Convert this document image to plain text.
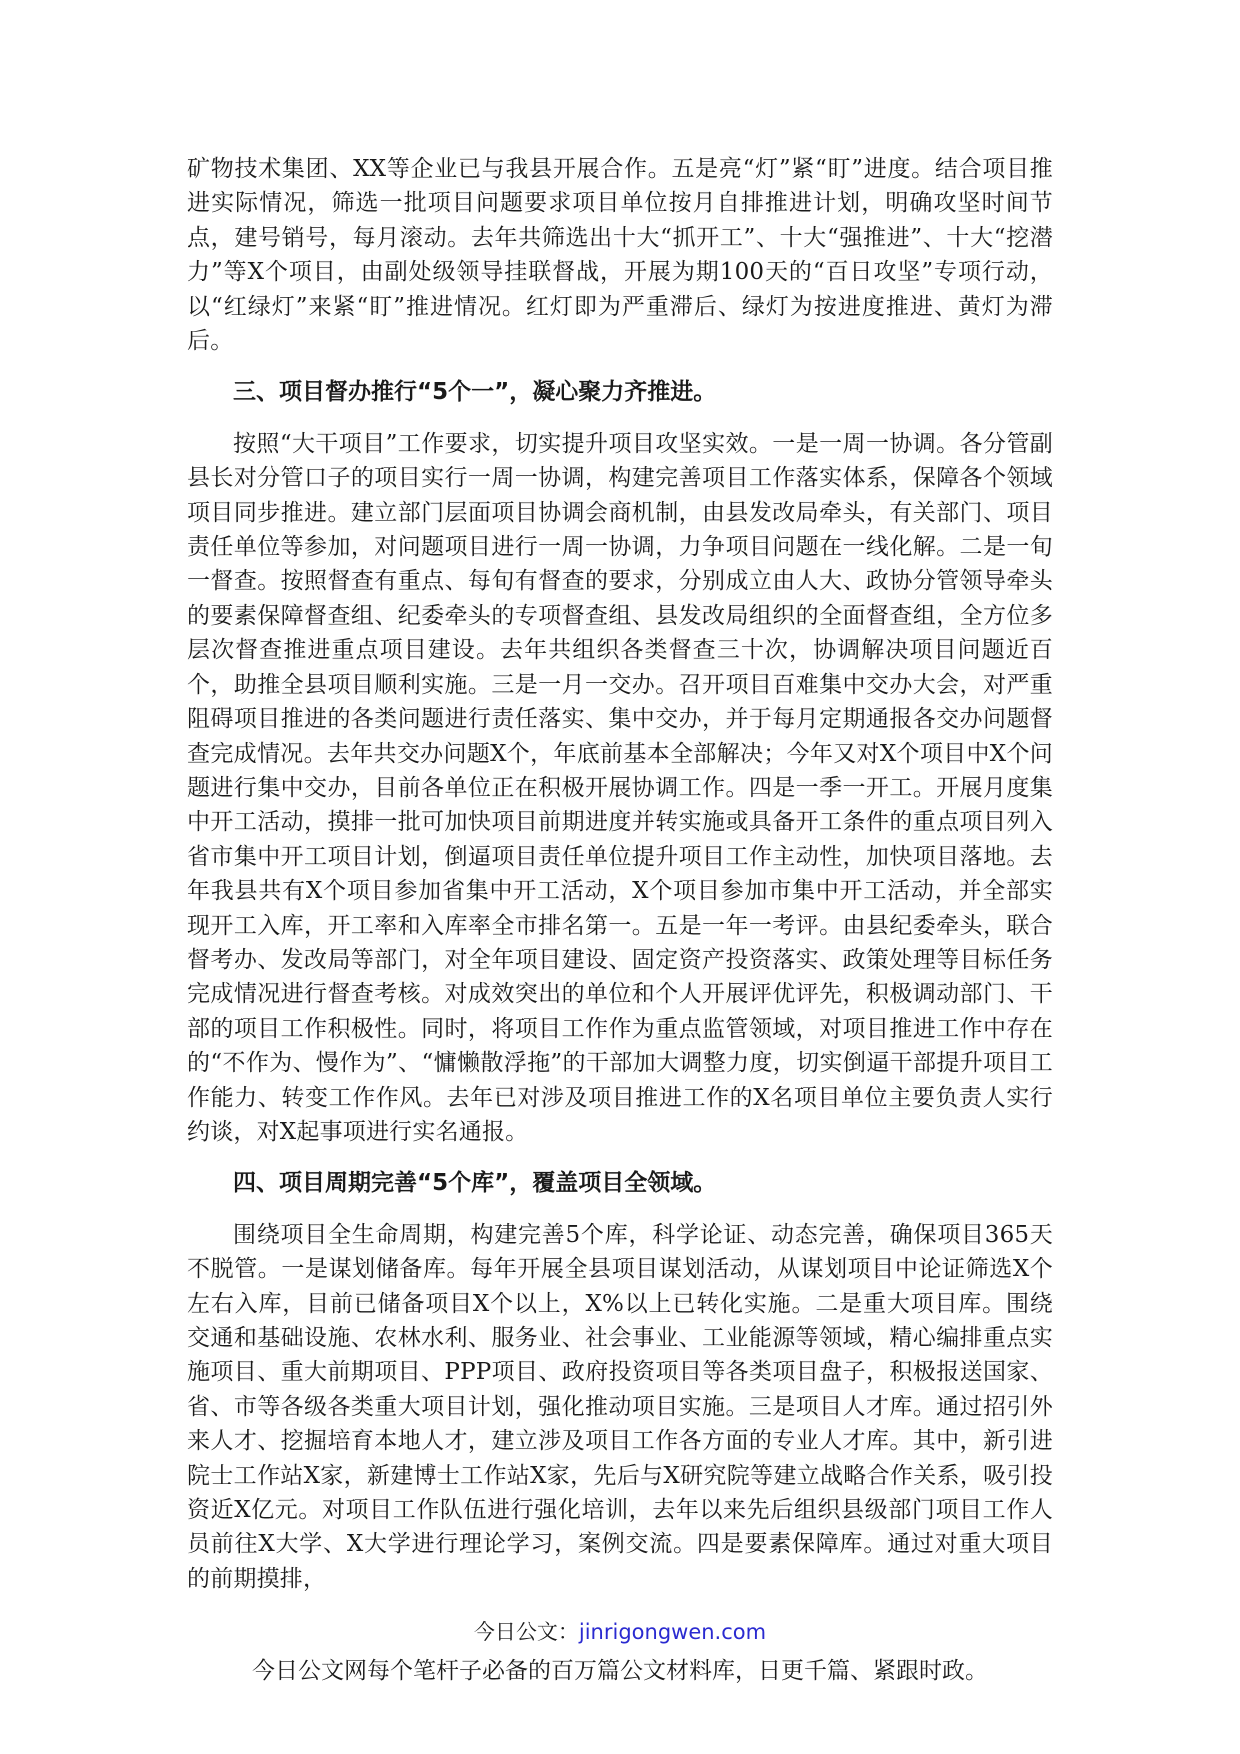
矿物技术集团、XX等企业已与我县开展合作。五是亮“灯”紧“盯”进度。结合项目推进实际情况，筛选一批项目问题要求项目单位按月自排推进计划，明确攻坚时间节点，建号销号，每月滚动。去年共筛选出十大“抓开工”、十大“强推进”、十大“挖潜力”等X个项目，由副处级领导挂联督战，开展为期100天的“百日攻坚”专项行动，以“红绿灯”来紧“盯”推进情况。红灯即为严重滞后、绿灯为按进度推进、黄灯为滞后。

三、项目督办推行“5个一”，凝心聚力齐推进。

按照“大干项目”工作要求，切实提升项目攻坚实效。一是一周一协调。各分管副县长对分管口子的项目实行一周一协调，构建完善项目工作落实体系，保障各个领域项目同步推进。建立部门层面项目协调会商机制，由县发改局牵头，有关部门、项目责任单位等参加，对问题项目进行一周一协调，力争项目问题在一线化解。二是一旬一督查。按照督查有重点、每旬有督查的要求，分别成立由人大、政协分管领导牵头的要素保障督查组、纪委牵头的专项督查组、县发改局组织的全面督查组，全方位多层次督查推进重点项目建设。去年共组织各类督查三十次，协调解决项目问题近百个，助推全县项目顺利实施。三是一月一交办。召开项目百难集中交办大会，对严重阻碍项目推进的各类问题进行责任落实、集中交办，并于每月定期通报各交办问题督查完成情况。去年共交办问题X个，年底前基本全部解决；今年又对X个项目中X个问题进行集中交办，目前各单位正在积极开展协调工作。四是一季一开工。开展月度集中开工活动，摸排一批可加快项目前期进度并转实施或具备开工条件的重点项目列入省市集中开工项目计划，倒逼项目责任单位提升项目工作主动性，加快项目落地。去年我县共有X个项目参加省集中开工活动，X个项目参加市集中开工活动，并全部实现开工入库，开工率和入库率全市排名第一。五是一年一考评。由县纪委牵头，联合督考办、发改局等部门，对全年项目建设、固定资产投资落实、政策处理等目标任务完成情况进行督查考核。对成效突出的单位和个人开展评优评先，积极调动部门、干部的项目工作积极性。同时，将项目工作作为重点监管领域，对项目推进工作中存在的“不作为、慢作为”、“慵懒散浮拖”的干部加大调整力度，切实倒逼干部提升项目工作能力、转变工作作风。去年已对涉及项目推进工作的X名项目单位主要负责人实行约谈，对X起事项进行实名通报。

四、项目周期完善“5个库”，覆盖项目全领域。

围绕项目全生命周期，构建完善5个库，科学论证、动态完善，确保项目365天不脱管。一是谋划储备库。每年开展全县项目谋划活动，从谋划项目中论证筛选X个左右入库，目前已储备项目X个以上，X%以上已转化实施。二是重大项目库。围绕交通和基础设施、农林水利、服务业、社会事业、工业能源等领域，精心编排重点实施项目、重大前期项目、PPP项目、政府投资项目等各类项目盘子，积极报送国家、省、市等各级各类重大项目计划，强化推动项目实施。三是项目人才库。通过招引外来人才、挖掘培育本地人才，建立涉及项目工作各方面的专业人才库。其中，新引进院士工作站X家，新建博士工作站X家，先后与X研究院等建立战略合作关系，吸引投资近X亿元。对项目工作队伍进行强化培训，去年以来先后组织县级部门项目工作人员前往X大学、X大学进行理论学习，案例交流。四是要素保障库。通过对重大项目的前期摸排，

今日公文：jinrigongwen.com
今日公文网每个笔杆子必备的百万篇公文材料库，日更千篇、紧跟时政。
